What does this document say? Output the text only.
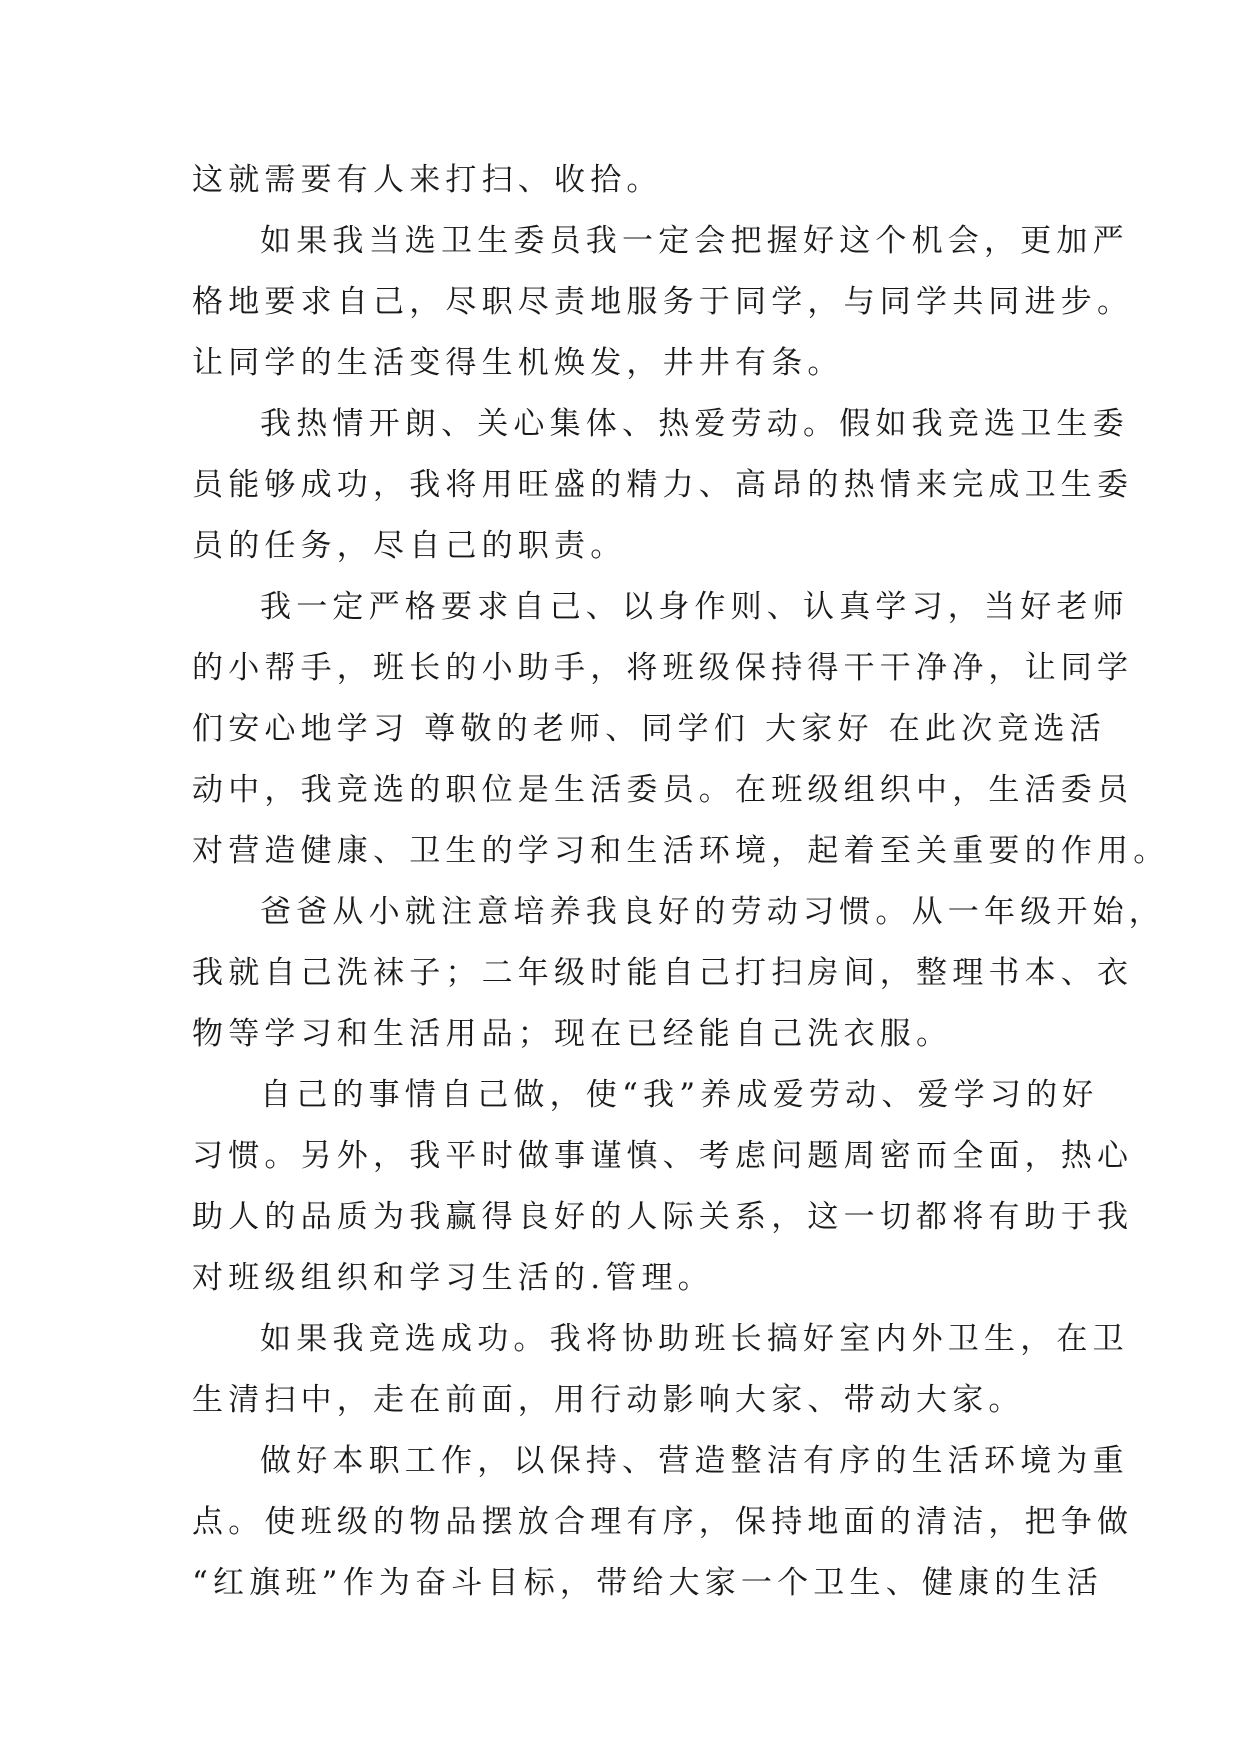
这就需要有人来打扫、收拾。
如果我当选卫生委员我一定会把握好这个机会，更加严
格地要求自己，尽职尽责地服务于同学，与同学共同进步。
让同学的生活变得生机焕发，井井有条。
我热情开朗、关心集体、热爱劳动。假如我竞选卫生委
员能够成功，我将用旺盛的精力、高昂的热情来完成卫生委
员的任务，尽自己的职责。
我一定严格要求自己、以身作则、认真学习，当好老师
的小帮手，班长的小助手，将班级保持得干干净净，让同学
们安心地学习 尊敬的老师、同学们 大家好 在此次竞选活
动中，我竞选的职位是生活委员。在班级组织中，生活委员
对营造健康、卫生的学习和生活环境，起着至关重要的作用。
爸爸从小就注意培养我良好的劳动习惯。从一年级开始，
我就自己洗袜子；二年级时能自己打扫房间，整理书本、衣
物等学习和生活用品；现在已经能自己洗衣服。
自己的事情自己做，使“我”养成爱劳动、爱学习的好
习惯。另外，我平时做事谨慎、考虑问题周密而全面，热心
助人的品质为我赢得良好的人际关系，这一切都将有助于我
对班级组织和学习生活的.管理。
如果我竞选成功。我将协助班长搞好室内外卫生，在卫
生清扫中，走在前面，用行动影响大家、带动大家。
做好本职工作，以保持、营造整洁有序的生活环境为重
点。使班级的物品摆放合理有序，保持地面的清洁，把争做
“红旗班”作为奋斗目标，带给大家一个卫生、健康的生活
